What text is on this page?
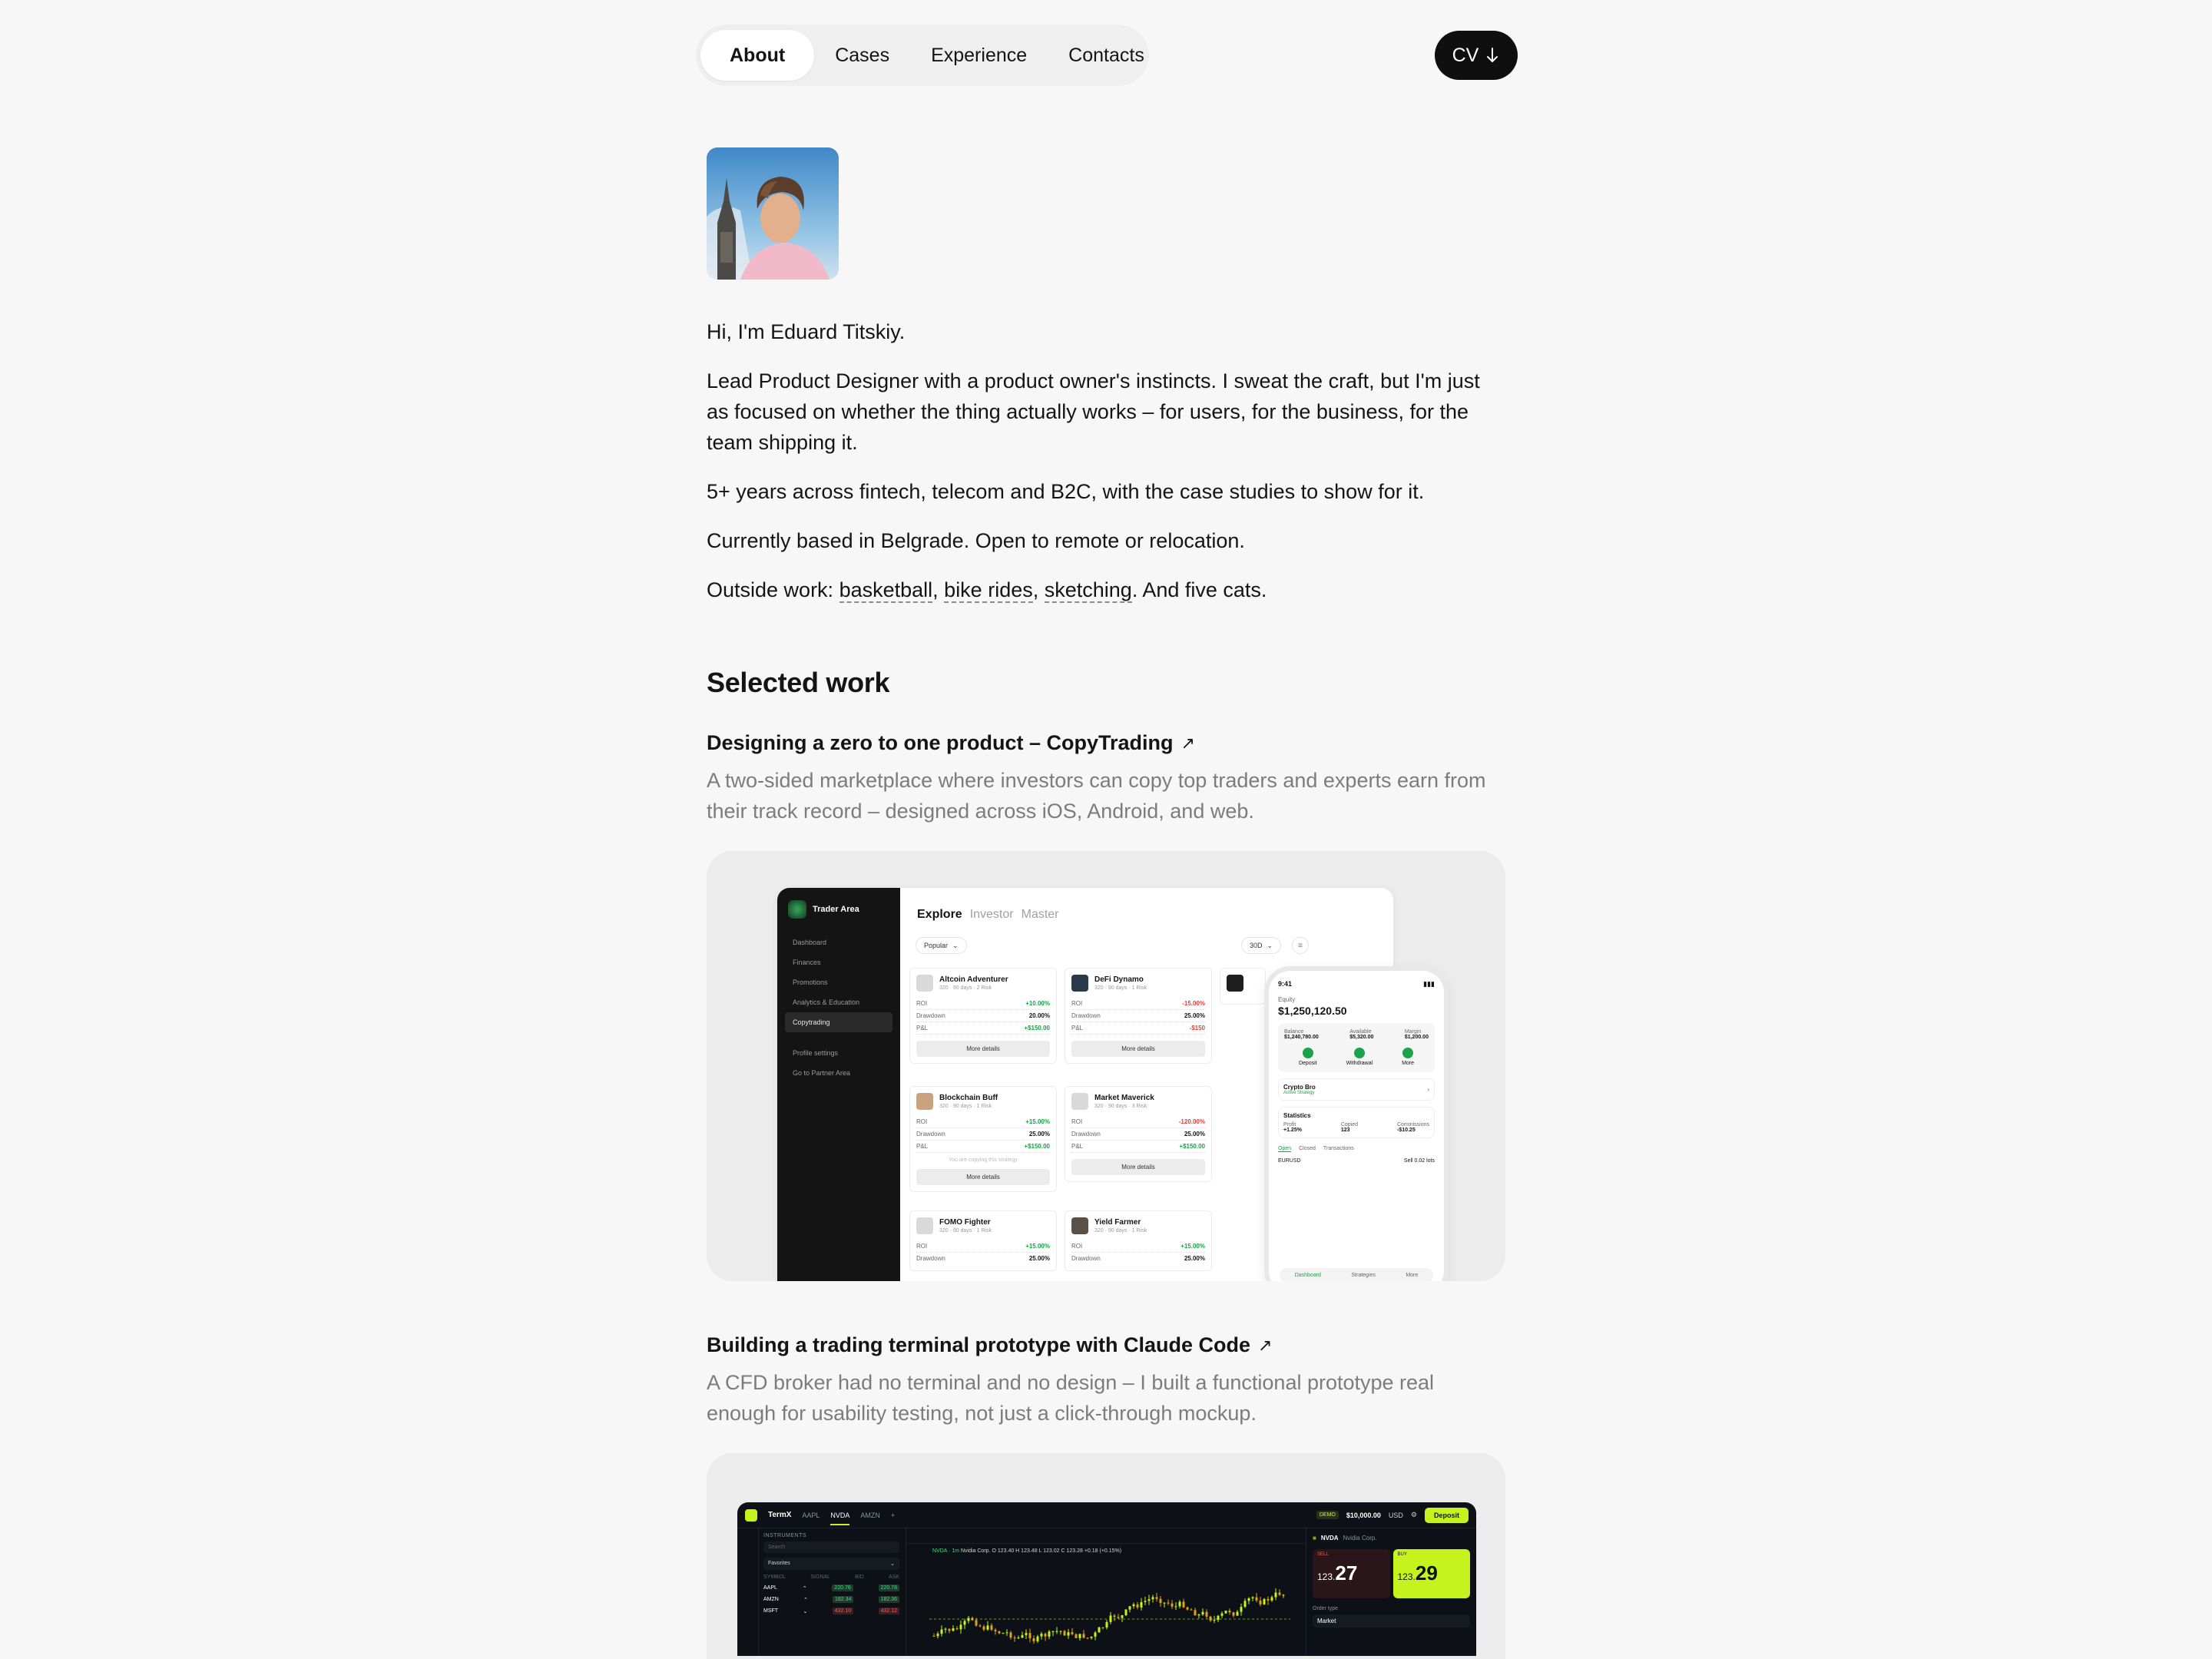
About	Cases	Experience	Contacts	CV

Hi, I'm Eduard Titskiy.

Lead Product Designer with a product owner's instincts. I sweat the craft, but I'm just as focused on whether the thing actually works – for users, for the business, for the team shipping it.

5+ years across fintech, telecom and B2C, with the case studies to show for it.

Currently based in Belgrade. Open to remote or relocation.

Outside work: basketball, bike rides, sketching. And five cats.

Selected work
Designing a zero to one product – CopyTrading ↗

A two-sided marketplace where investors can copy top traders and experts earn from their track record – designed across iOS, Android, and web.

Trader Area
Dashboard
Finances
Promotions
Analytics & Education
Copytrading
Profile settings
Go to Partner Area
Explore Investor Master
Popular ⌄	30D ⌄	≡
Altcoin Adventurer
320 · 90 days · 2 Risk
ROI	+10.00%
Drawdown	20.00%
P&L	+$150.00
More details
DeFi Dynamo
320 · 90 days · 1 Risk
ROI	-15.00%
Drawdown	25.00%
P&L	-$150
More details
Blockchain Buff
320 · 90 days · 1 Risk
ROI	+15.00%
Drawdown	25.00%
P&L	+$150.00
You are copying this strategy
More details
Market Maverick
320 · 90 days · 3 Risk
ROI	-120.00%
Drawdown	25.00%
P&L	+$150.00
More details
FOMO Fighter
320 · 90 days · 1 Risk
ROI	+15.00%
Drawdown	25.00%
Yield Farmer
320 · 90 days · 1 Risk
ROI	+15.00%
Drawdown	25.00%
9:41	▮▮▮
Equity
$1,250,120.50
Balance
$1,240,780.00
Available
$5,320.00
Margin
$1,200.00
Deposit	Withdrawal	More
Crypto Bro
Active Strategy	›
Statistics
Profit
+1.25%
Copied
123
Commissions
-$10.25
Open Closed Transactions
EURUSD	Sell 0.02 lots
Dashboard	Strategies	More
Building a trading terminal prototype with Claude Code ↗

A CFD broker had no terminal and no design – I built a functional prototype real enough for usability testing, not just a click-through mockup.

TermX AAPL NVDA AMZN +	DEMO	$10,000.00 USD ⚙	Deposit
INSTRUMENTS
Search
Favorites	⌄
SYMBOL	SIGNAL	BID	ASK
AAPL	⌃	220.76	220.78
AMZN	⌃	182.34	182.36
MSFT	⌄	432.10	432.12
NVDA · 1m Nvidia Corp. O 123.40 H 123.48 L 123.02 C 123.28 +0.18 (+0.15%)
■ NVDA Nvidia Corp.
SELL
123.27
BUY
123.29
Order type
Market
